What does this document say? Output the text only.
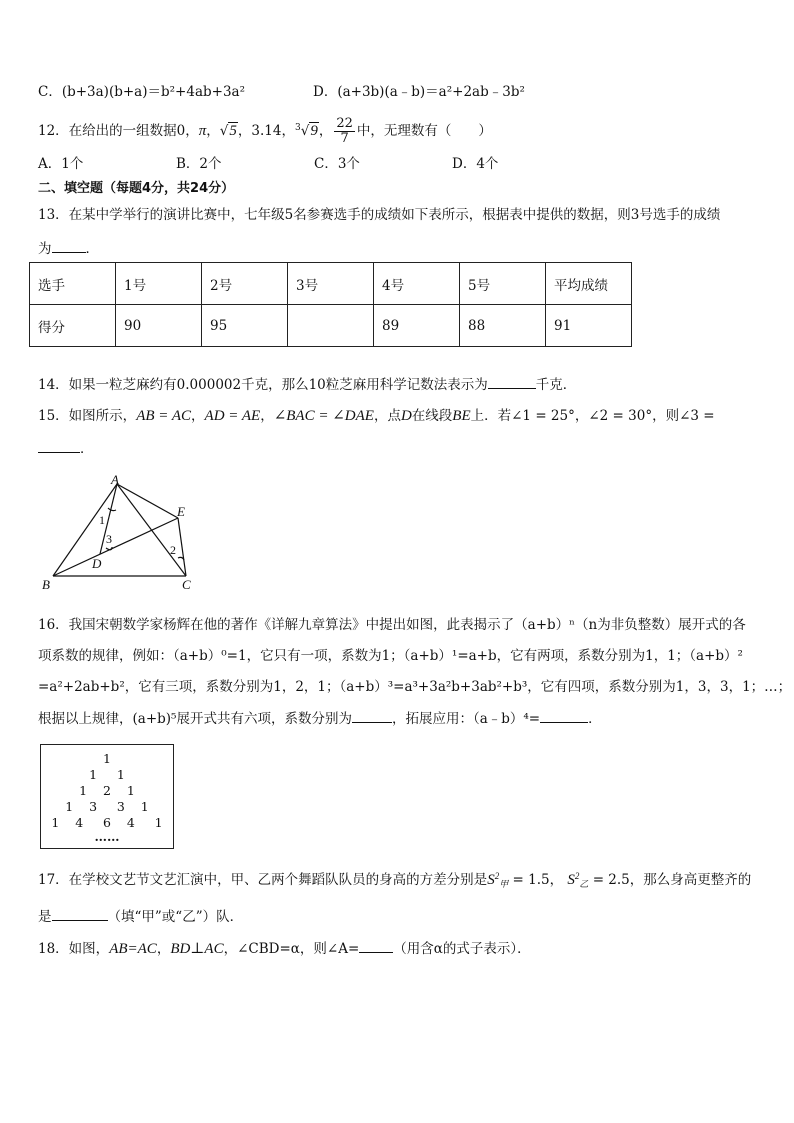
C．(b+3a)(b+a)＝b²+4ab+3a²	D．(a+3b)(a﹣b)＝a²+2ab﹣3b²
12．在给出的一组数据0，π，√5，3.14，$^3$√9， $\frac{22}{7}$ 中，无理数有（　　）
A．1个	B．2个	C．3个	D．4个
二、填空题（每题4分，共24分）
13．在某中学举行的演讲比赛中，七年级5名参赛选手的成绩如下表所示，根据表中提供的数据，则3号选手的成绩
为	．
选手	1号	2号	3号	4号	5号	平均成绩
得分	90	95		89	88	91
14．如果一粒芝麻约有0.000002千克，那么10粒芝麻用科学记数法表示为	千克．
15．如图所示，AB = AC，AD = AE，∠BAC = ∠DAE，点D在线段BE上．若∠1 = 25°，∠2 = 30°，则∠3 =
．
A
B	C
D
E
1
3
2
16．我国宋朝数学家杨辉在他的著作《详解九章算法》中提出如图，此表揭示了（a+b）ⁿ（n为非负整数）展开式的各
项系数的规律，例如：（a+b）⁰=1，它只有一项，系数为1；（a+b）¹=a+b，它有两项，系数分别为1，1；（a+b）²
=a²+2ab+b²，它有三项，系数分别为1，2，1；（a+b）³=a³+3a²b+3ab²+b³，它有四项，系数分别为1，3，3，1；…；
根据以上规律，(a+b)⁵展开式共有六项，系数分别为	，拓展应用：（a﹣b）⁴=	．
1
1     1
1    2    1
1    3     3    1
1    4     6    4     1
……
17．在学校文艺节文艺汇演中，甲、乙两个舞蹈队队员的身高的方差分别是$S^2_甲 = 1.5$， $S^2_乙 = 2.5$，那么身高更整齐的
是	（填“甲”或“乙”）队．
18．如图，AB=AC，BD⊥AC，∠CBD=α，则∠A=	（用含α的式子表示）．
